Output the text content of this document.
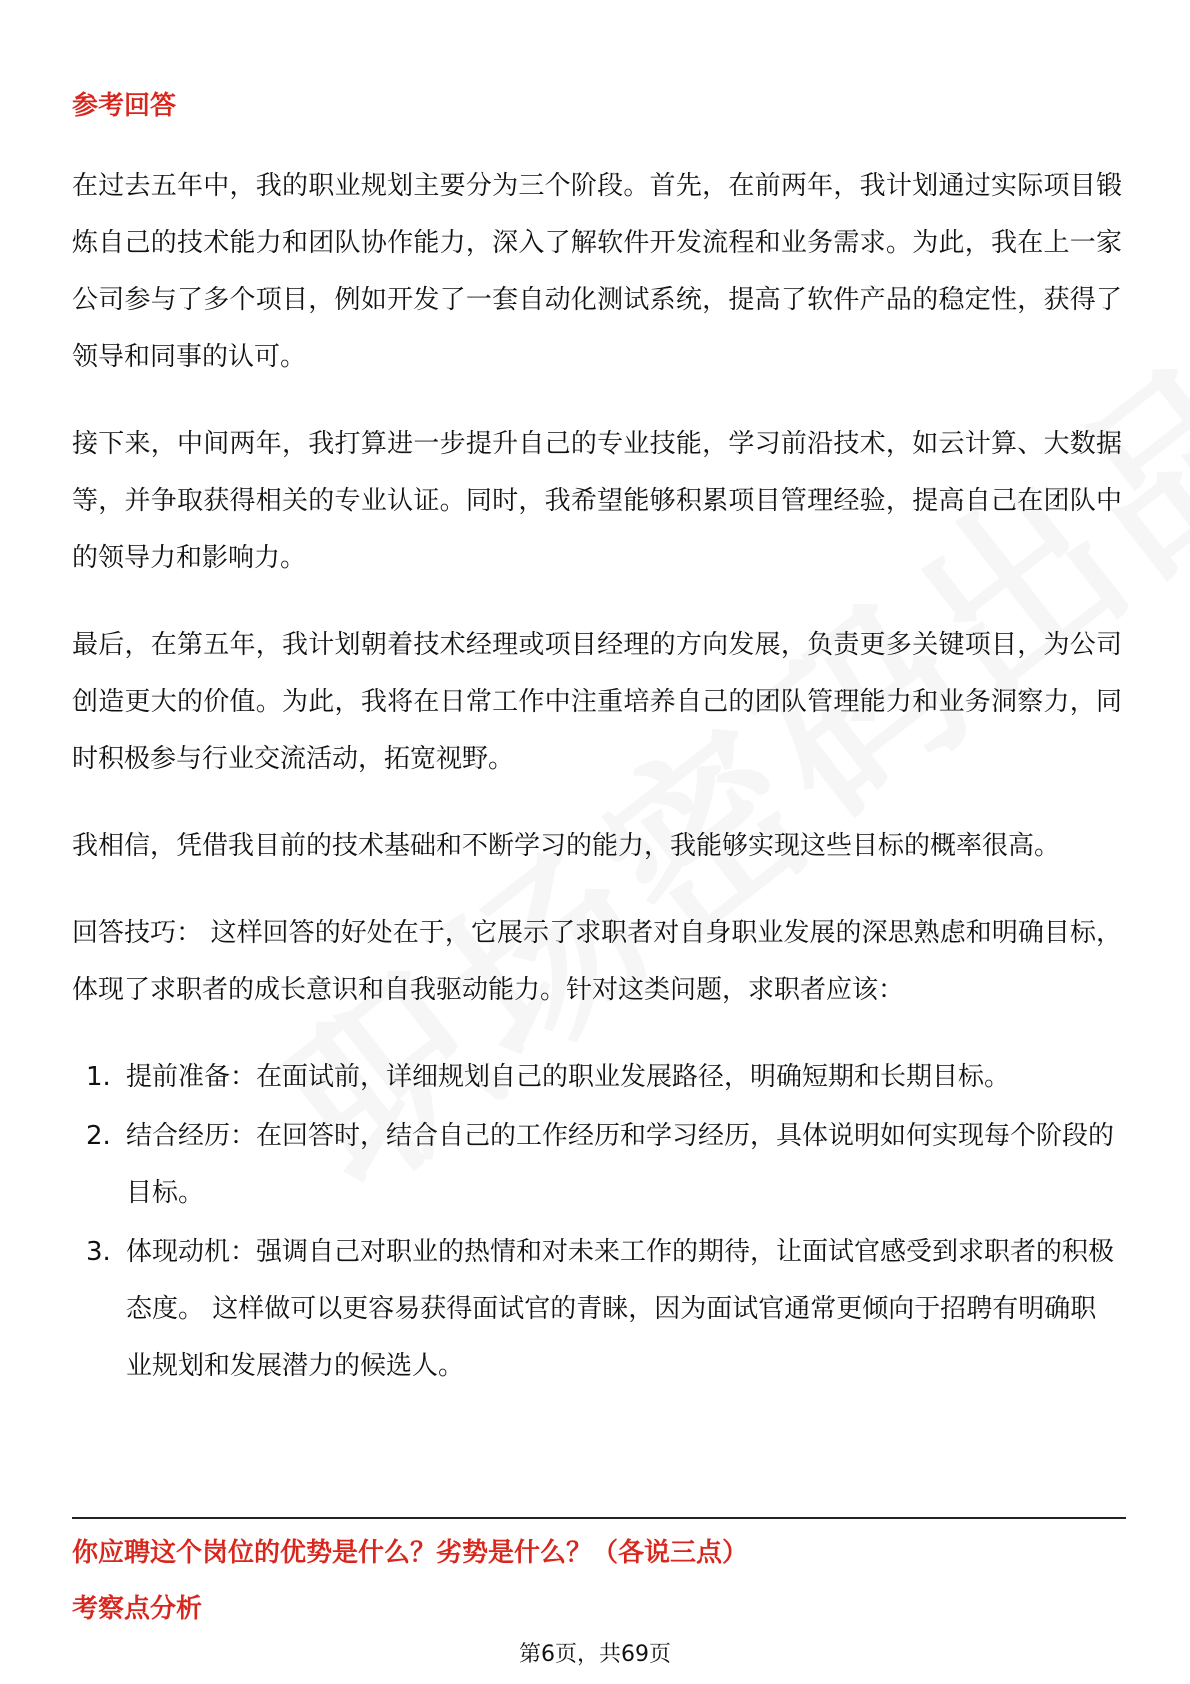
参考回答

在过去五年中，我的职业规划主要分为三个阶段。首先，在前两年，我计划通过实际项目锻炼自己的技术能力和团队协作能力，深入了解软件开发流程和业务需求。为此，我在上一家公司参与了多个项目，例如开发了一套自动化测试系统，提高了软件产品的稳定性，获得了领导和同事的认可。

接下来，中间两年，我打算进一步提升自己的专业技能，学习前沿技术，如云计算、大数据等，并争取获得相关的专业认证。同时，我希望能够积累项目管理经验，提高自己在团队中的领导力和影响力。

最后，在第五年，我计划朝着技术经理或项目经理的方向发展，负责更多关键项目，为公司创造更大的价值。为此，我将在日常工作中注重培养自己的团队管理能力和业务洞察力，同时积极参与行业交流活动，拓宽视野。

我相信，凭借我目前的技术基础和不断学习的能力，我能够实现这些目标的概率很高。

回答技巧： 这样回答的好处在于，它展示了求职者对自身职业发展的深思熟虑和明确目标，体现了求职者的成长意识和自我驱动能力。针对这类问题，求职者应该：

1. 提前准备：在面试前，详细规划自己的职业发展路径，明确短期和长期目标。
2. 结合经历：在回答时，结合自己的工作经历和学习经历，具体说明如何实现每个阶段的目标。
3. 体现动机：强调自己对职业的热情和对未来工作的期待，让面试官感受到求职者的积极态度。 这样做可以更容易获得面试官的青睐，因为面试官通常更倾向于招聘有明确职业规划和发展潜力的候选人。
你应聘这个岗位的优势是什么？劣势是什么？（各说三点）
考察点分析
第6页，共69页
